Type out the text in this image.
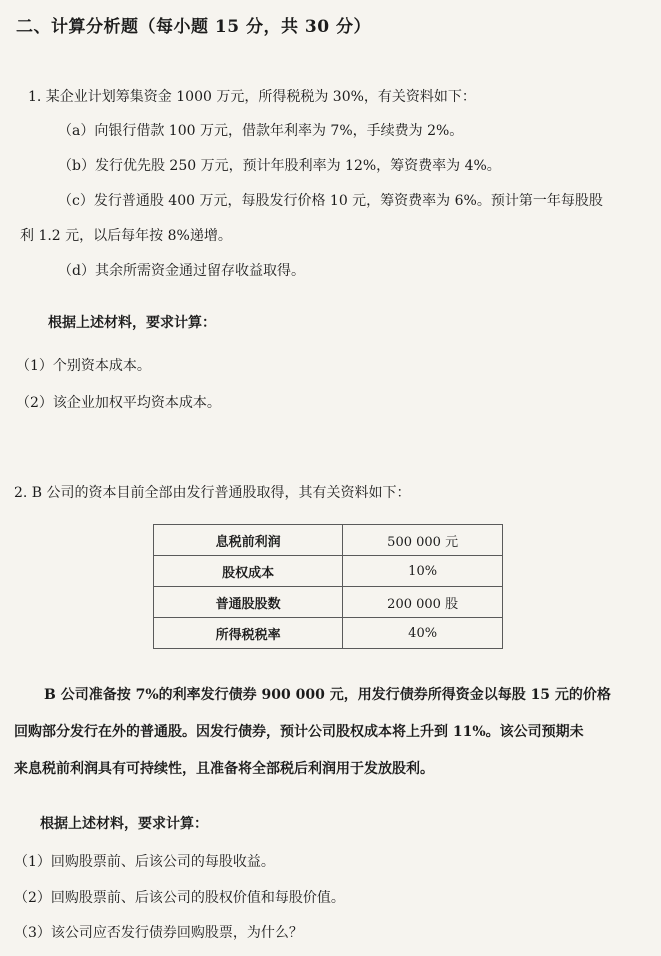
二、计算分析题（每小题 15 分，共 30 分）
1. 某企业计划筹集资金 1000 万元，所得税税为 30%，有关资料如下：
（a）向银行借款 100 万元，借款年利率为 7%，手续费为 2%。
（b）发行优先股 250 万元，预计年股利率为 12%，筹资费率为 4%。
（c）发行普通股 400 万元，每股发行价格 10 元，筹资费率为 6%。预计第一年每股股
利 1.2 元，以后每年按 8%递增。
（d）其余所需资金通过留存收益取得。
根据上述材料，要求计算：
（1）个别资本成本。
（2）该企业加权平均资本成本。
2. B 公司的资本目前全部由发行普通股取得，其有关资料如下：
息税前利润	500 000 元
股权成本	10%
普通股股数	200 000 股
所得税税率	40%
B 公司准备按 7%的利率发行债券 900 000 元，用发行债券所得资金以每股 15 元的价格
回购部分发行在外的普通股。因发行债券，预计公司股权成本将上升到 11%。该公司预期未
来息税前利润具有可持续性，且准备将全部税后利润用于发放股利。
根据上述材料，要求计算：
（1）回购股票前、后该公司的每股收益。
（2）回购股票前、后该公司的股权价值和每股价值。
（3）该公司应否发行债券回购股票，为什么？
